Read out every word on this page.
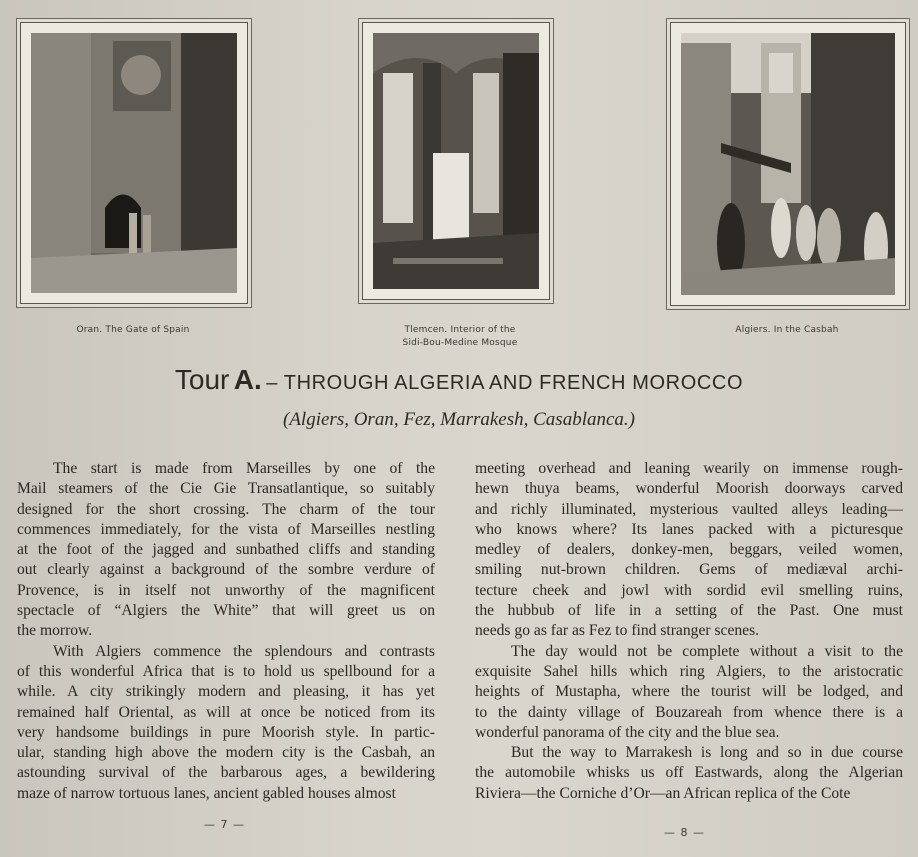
Oran. The Gate of Spain	Tlemcen. Interior of the
Sidi-Bou-Medine Mosque
Algiers. In the Casbah
Tour A. – THROUGH ALGERIA AND FRENCH MOROCCO
(Algiers, Oran, Fez, Marrakesh, Casablanca.)
The start is made from Marseilles by one of the
Mail steamers of the Cie Gie Transatlantique, so suitably
designed for the short crossing. The charm of the tour
commences immediately, for the vista of Marseilles nestling
at the foot of the jagged and sunbathed cliffs and standing
out clearly against a background of the sombre verdure of
Provence, is in itself not unworthy of the magnificent
spectacle of “Algiers the White” that will greet us on
the morrow.
With Algiers commence the splendours and contrasts
of this wonderful Africa that is to hold us spellbound for a
while. A city strikingly modern and pleasing, it has yet
remained half Oriental, as will at once be noticed from its
very handsome buildings in pure Moorish style. In partic-
ular, standing high above the modern city is the Casbah, an
astounding survival of the barbarous ages, a bewildering
maze of narrow tortuous lanes, ancient gabled houses almost
meeting overhead and leaning wearily on immense rough-
hewn thuya beams, wonderful Moorish doorways carved
and richly illuminated, mysterious vaulted alleys leading—
who knows where? Its lanes packed with a picturesque
medley of dealers, donkey-men, beggars, veiled women,
smiling nut-brown children. Gems of mediæval archi-
tecture cheek and jowl with sordid evil smelling ruins,
the hubbub of life in a setting of the Past. One must
needs go as far as Fez to find stranger scenes.
The day would not be complete without a visit to the
exquisite Sahel hills which ring Algiers, to the aristocratic
heights of Mustapha, where the tourist will be lodged, and
to the dainty village of Bouzareah from whence there is a
wonderful panorama of the city and the blue sea.
But the way to Marrakesh is long and so in due course
the automobile whisks us off Eastwards, along the Algerian
Riviera—the Corniche d’Or—an African replica of the Cote
— 7 —
— 8 —
